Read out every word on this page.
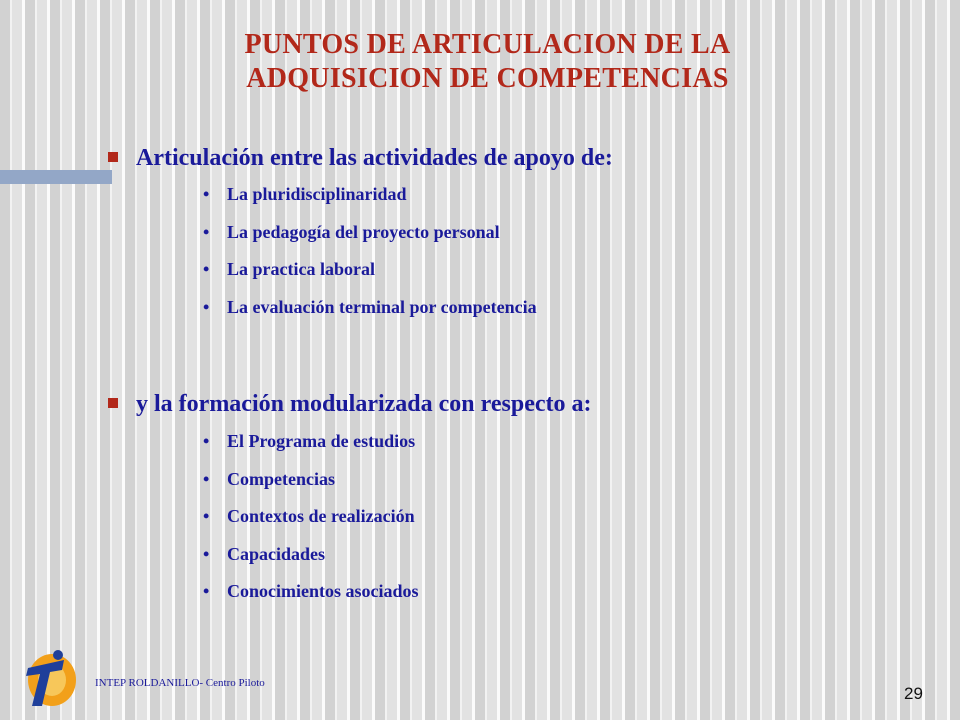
PUNTOS DE ARTICULACION DE LA
ADQUISICION DE COMPETENCIAS
Articulación entre las actividades de apoyo de:
• La pluridisciplinaridad
• La pedagogía del proyecto personal
• La practica laboral
• La evaluación terminal por competencia
y la formación modularizada con respecto a:
• El Programa de estudios
• Competencias
• Contextos de realización
• Capacidades
• Conocimientos asociados
INTEP ROLDANILLO- Centro Piloto
29
